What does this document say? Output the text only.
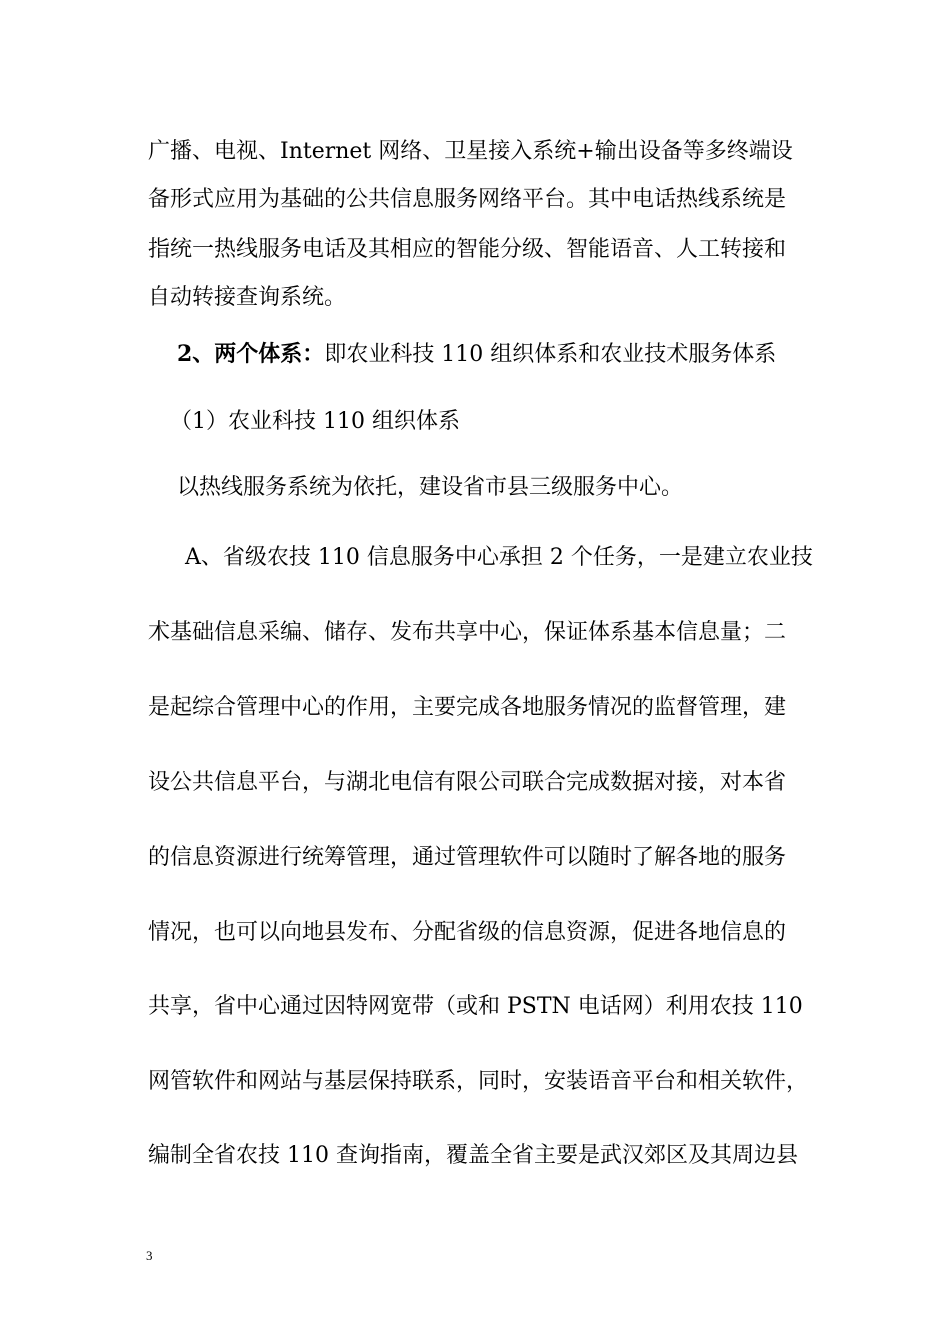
广播、电视、Internet 网络、卫星接入系统+输出设备等多终端设
备形式应用为基础的公共信息服务网络平台。其中电话热线系统是
指统一热线服务电话及其相应的智能分级、智能语音、人工转接和
自动转接查询系统。
2、两个体系：即农业科技 110 组织体系和农业技术服务体系
（1）农业科技 110 组织体系
以热线服务系统为依托，建设省市县三级服务中心。
A、省级农技 110 信息服务中心承担 2 个任务，一是建立农业技
术基础信息采编、储存、发布共享中心，保证体系基本信息量；二
是起综合管理中心的作用，主要完成各地服务情况的监督管理，建
设公共信息平台，与湖北电信有限公司联合完成数据对接，对本省
的信息资源进行统筹管理，通过管理软件可以随时了解各地的服务
情况，也可以向地县发布、分配省级的信息资源，促进各地信息的
共享，省中心通过因特网宽带（或和 PSTN 电话网）利用农技 110
网管软件和网站与基层保持联系，同时，安装语音平台和相关软件，
编制全省农技 110 查询指南，覆盖全省主要是武汉郊区及其周边县
3
